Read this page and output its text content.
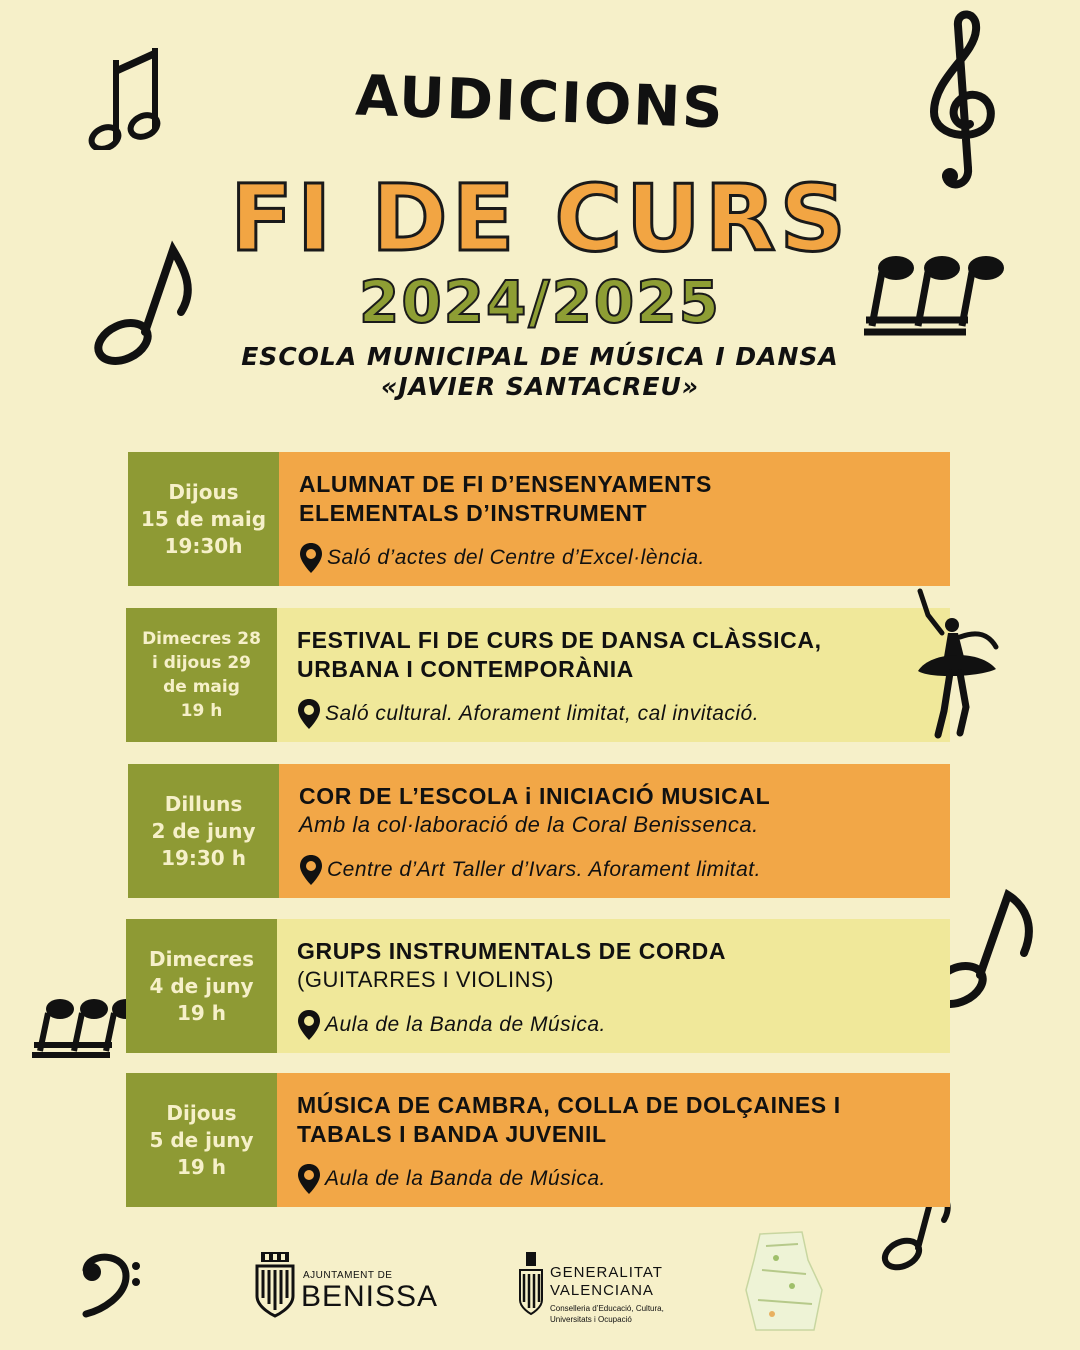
AUDICIONS
FI DE CURS
2024/2025
ESCOLA MUNICIPAL DE MÚSICA I DANSA
«JAVIER SANTACREU»
Dijous
15 de maig
19:30h
ALUMNAT DE FI D’ENSENYAMENTS
ELEMENTALS D’INSTRUMENT
Saló d’actes del Centre d’Excel·lència.
Dimecres 28
i dijous 29
de maig
19 h
FESTIVAL FI DE CURS DE DANSA CLÀSSICA,
URBANA I CONTEMPORÀNIA
Saló cultural. Aforament limitat, cal invitació.
Dilluns
2 de juny
19:30 h
COR DE L’ESCOLA i INICIACIÓ MUSICAL
Amb la col·laboració de la Coral Benissenca.
Centre d’Art Taller d’Ivars. Aforament limitat.
Dimecres
4 de juny
19 h
GRUPS INSTRUMENTALS DE CORDA
(GUITARRES I VIOLINS)
Aula de la Banda de Música.
Dijous
5 de juny
19 h
MÚSICA DE CAMBRA, COLLA DE DOLÇAINES I
TABALS I BANDA JUVENIL
Aula de la Banda de Música.
AJUNTAMENT DE
BENISSA
GENERALITAT
VALENCIANA
Conselleria d’Educació, Cultura,
Universitats i Ocupació
